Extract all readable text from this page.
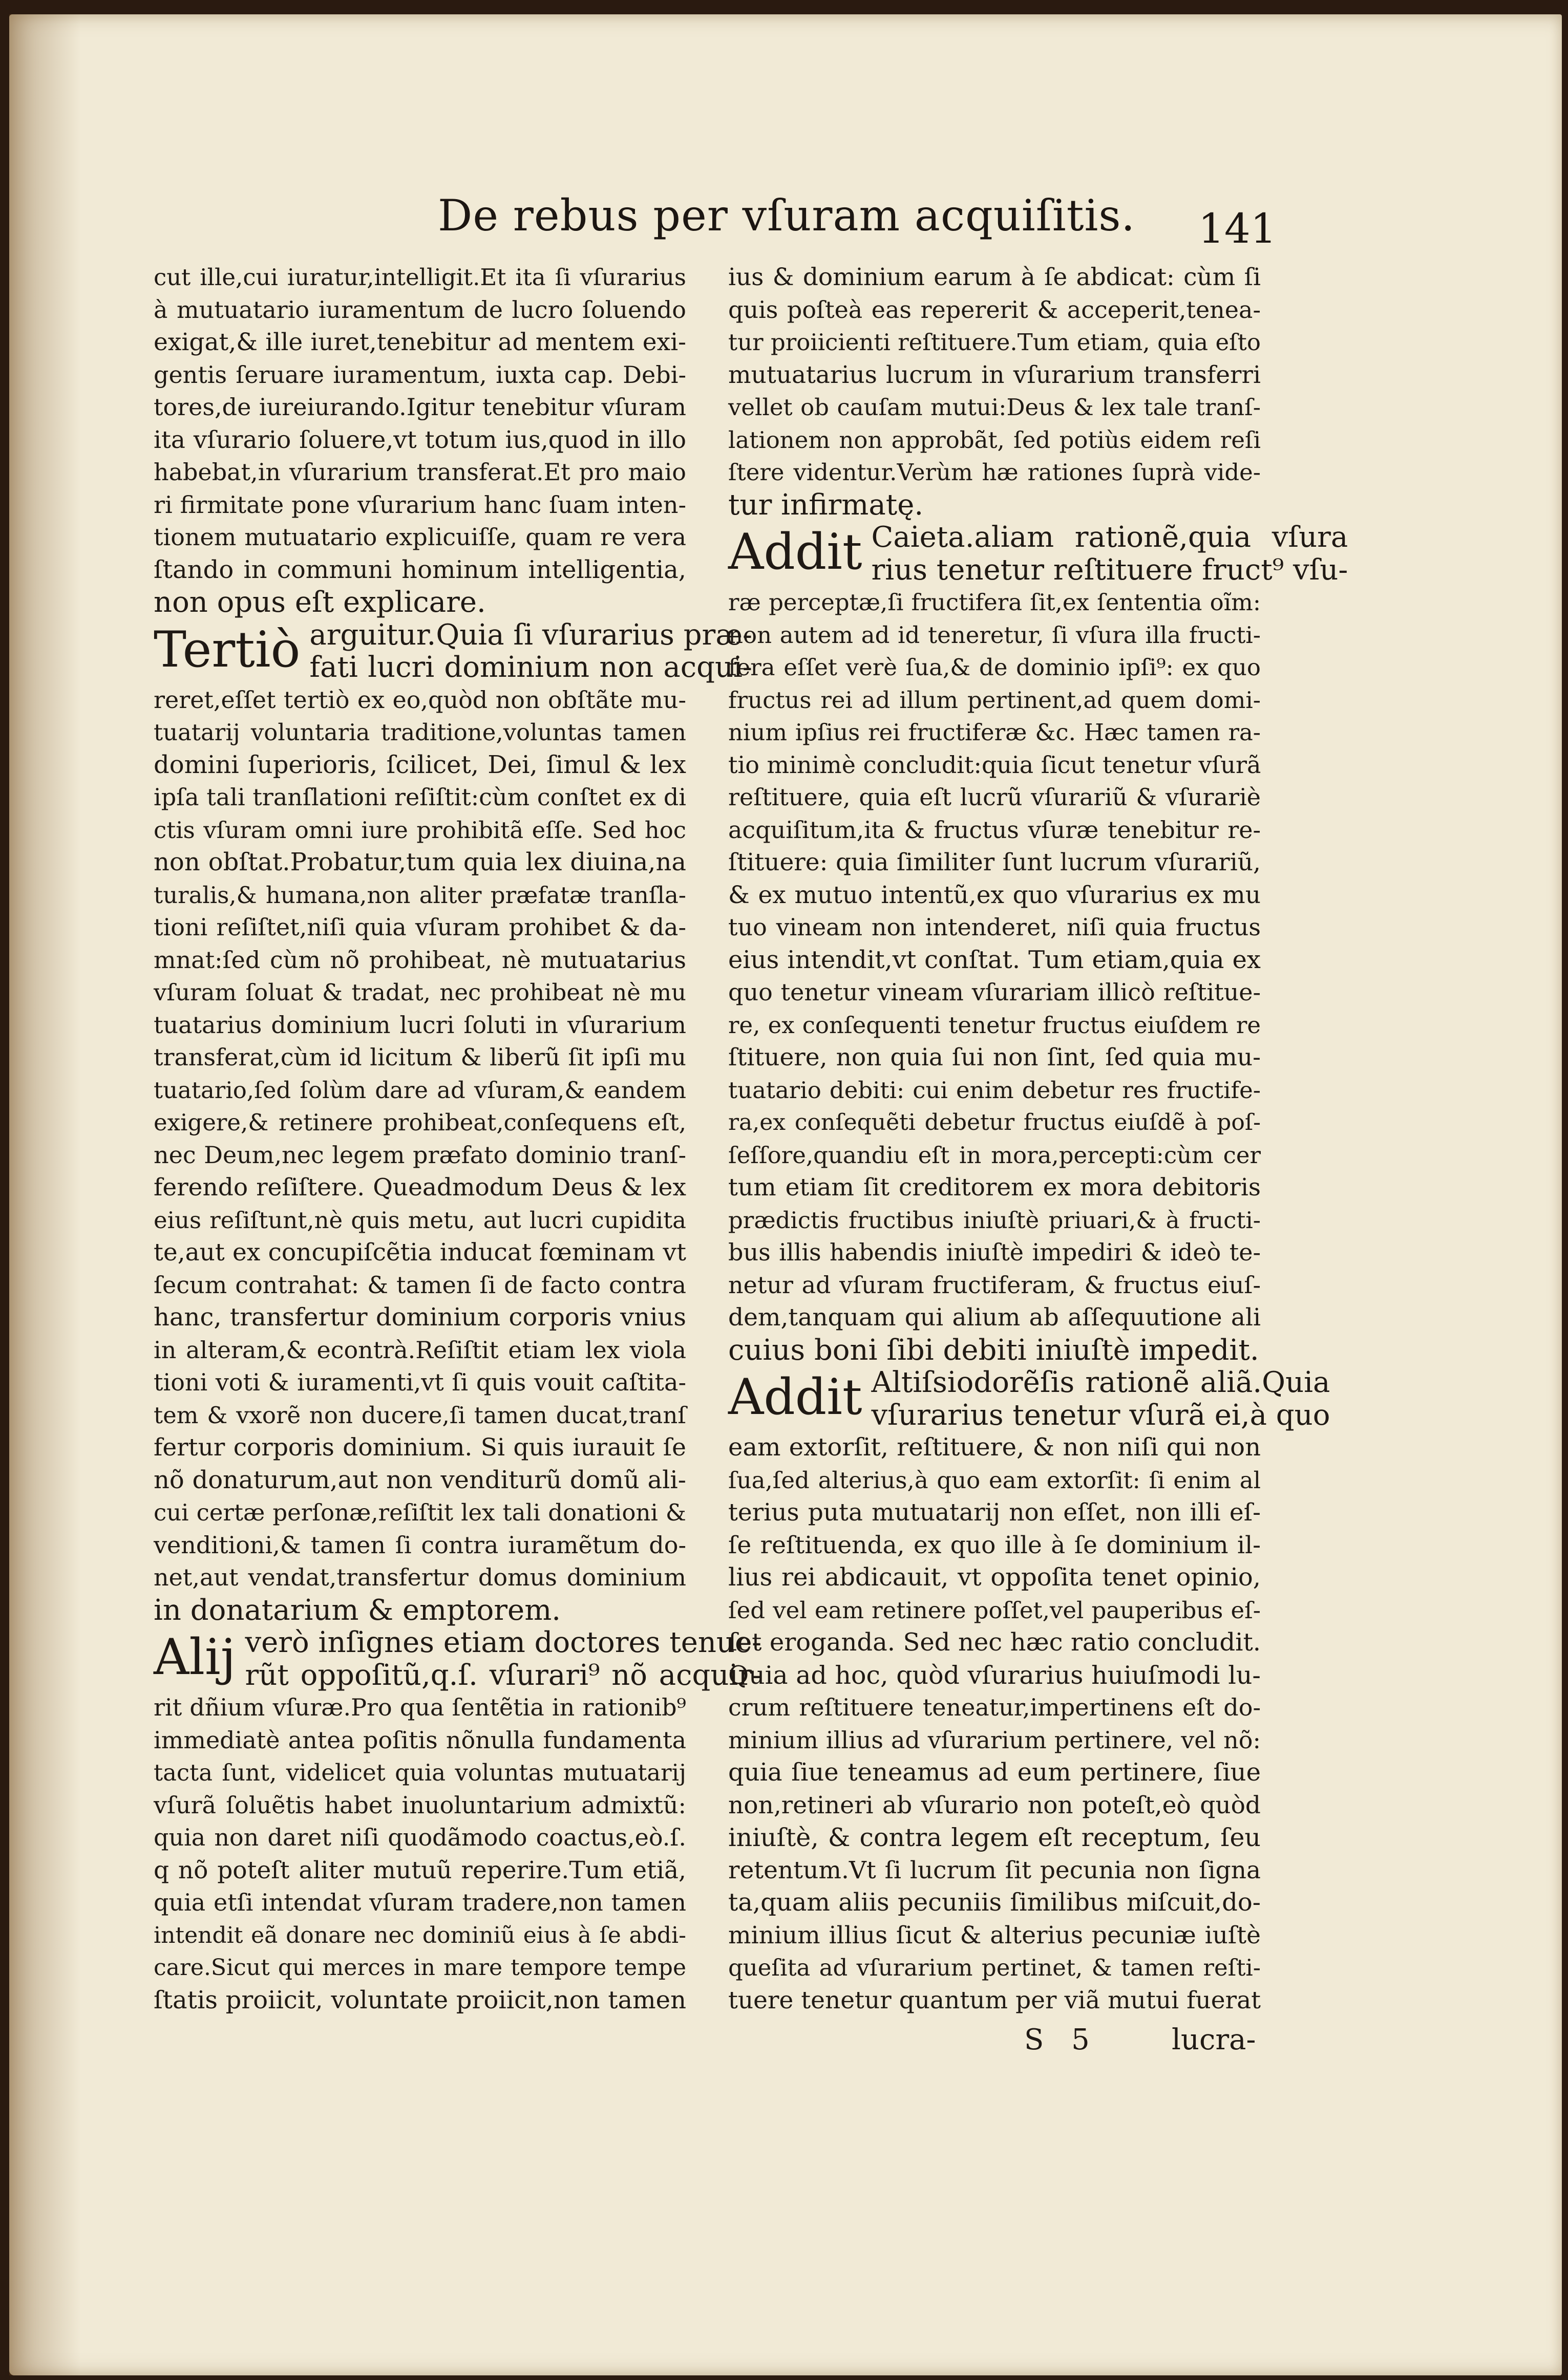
De rebus per vſuram acquiſitis. 141
cut ille,cui iuratur,intelligit.Et ita ſi vſurarius
à mutuatario iuramentum de lucro ſoluendo
exigat,& ille iuret,tenebitur ad mentem exi-
gentis ſeruare iuramentum, iuxta cap. Debi-
tores,de iureiurando.Igitur tenebitur vſuram
ita vſurario ſoluere,vt totum ius,quod in illo
habebat,in vſurarium transferat.Et pro maio
ri firmitate pone vſurarium hanc ſuam inten-
tionem mutuatario explicuiſſe, quam re vera
ſtando in communi hominum intelligentia,
non opus eſt explicare.
Tertiò arguitur.Quia ſi vſurarius præ-
fati lucri dominium non acqui-
reret,eſſet tertiò ex eo,quòd non obſtãte mu-
tuatarij voluntaria traditione,voluntas tamen
domini ſuperioris, ſcilicet, Dei, ſimul & lex
ipſa tali tranſlationi reſiſtit:cùm conſtet ex di
ctis vſuram omni iure prohibitã eſſe. Sed hoc
non obſtat.Probatur,tum quia lex diuina,na
turalis,& humana,non aliter præfatæ tranſla-
tioni reſiſtet,niſi quia vſuram prohibet & da-
mnat:ſed cùm nõ prohibeat, nè mutuatarius
vſuram ſoluat & tradat, nec prohibeat nè mu
tuatarius dominium lucri ſoluti in vſurarium
transferat,cùm id licitum & liberũ ſit ipſi mu
tuatario,ſed ſolùm dare ad vſuram,& eandem
exigere,& retinere prohibeat,conſequens eſt,
nec Deum,nec legem præfato dominio tranſ-
ferendo reſiſtere. Queadmodum Deus & lex
eius reſiſtunt,nè quis metu, aut lucri cupidita
te,aut ex concupiſcẽtia inducat fœminam vt
ſecum contrahat: & tamen ſi de facto contra
hanc, transfertur dominium corporis vnius
in alteram,& econtrà.Reſiſtit etiam lex viola
tioni voti & iuramenti,vt ſi quis vouit caſtita-
tem & vxorẽ non ducere,ſi tamen ducat,tranſ
fertur corporis dominium. Si quis iurauit ſe
nõ donaturum,aut non venditurũ domũ ali-
cui certæ perſonæ,reſiſtit lex tali donationi &
venditioni,& tamen ſi contra iuramẽtum do-
net,aut vendat,transfertur domus dominium
in donatarium & emptorem.
Alij verò inſignes etiam doctores tenue-
rũt oppoſitũ,q.ſ. vſurari⁹ nõ acquir-
rit dñium vſuræ.Pro qua ſentẽtia in rationib⁹
immediatè antea poſitis nõnulla fundamenta
tacta ſunt, videlicet quia voluntas mutuatarij
vſurã ſoluẽtis habet inuoluntarium admixtũ:
quia non daret niſi quodãmodo coactus,eò.ſ.
q nõ poteſt aliter mutuũ reperire.Tum etiã,
quia etſi intendat vſuram tradere,non tamen
intendit eã donare nec dominiũ eius à ſe abdi-
care.Sicut qui merces in mare tempore tempe
ſtatis proiicit, voluntate proiicit,non tamen
ius & dominium earum à ſe abdicat: cùm ſi
quis poſteà eas repererit & acceperit,tenea-
tur proiicienti reſtituere.Tum etiam, quia eſto
mutuatarius lucrum in vſurarium transferri
vellet ob cauſam mutui:Deus & lex tale tranſ-
lationem non approbãt, ſed potiùs eidem reſi
ſtere videntur.Verùm hæ rationes ſuprà vide-
tur infirmatę.
Addit Caieta.aliam rationẽ,quia vſura
rius tenetur reſtituere fruct⁹ vſu-
ræ perceptæ,ſi fructifera ſit,ex ſententia oĩm:
non autem ad id teneretur, ſi vſura illa fructi-
fera eſſet verè ſua,& de dominio ipſi⁹: ex quo
fructus rei ad illum pertinent,ad quem domi-
nium ipſius rei fructiferæ &c. Hæc tamen ra-
tio minimè concludit:quia ſicut tenetur vſurã
reſtituere, quia eſt lucrũ vſurariũ & vſurariè
acquiſitum,ita & fructus vſuræ tenebitur re-
ſtituere: quia ſimiliter ſunt lucrum vſurariũ,
& ex mutuo intentũ,ex quo vſurarius ex mu
tuo vineam non intenderet, niſi quia fructus
eius intendit,vt conſtat. Tum etiam,quia ex
quo tenetur vineam vſurariam illicò reſtitue-
re, ex conſequenti tenetur fructus eiuſdem re
ſtituere, non quia ſui non ſint, ſed quia mu-
tuatario debiti: cui enim debetur res fructife-
ra,ex conſequẽti debetur fructus eiuſdẽ à poſ-
ſeſſore,quandiu eſt in mora,percepti:cùm cer
tum etiam ſit creditorem ex mora debitoris
prædictis fructibus iniuſtè priuari,& à fructi-
bus illis habendis iniuſtè impediri & ideò te-
netur ad vſuram fructiferam, & fructus eiuſ-
dem,tanquam qui alium ab aſſequutione ali
cuius boni ſibi debiti iniuſtè impedit.
Addit Altiſsiodorẽſis rationẽ aliã.Quia
vſurarius tenetur vſurã ei,à quo
eam extorſit, reſtituere, & non niſi qui non
ſua,ſed alterius,à quo eam extorſit: ſi enim al
terius puta mutuatarij non eſſet, non illi eſ-
ſe reſtituenda, ex quo ille à ſe dominium il-
lius rei abdicauit, vt oppoſita tenet opinio,
ſed vel eam retinere poſſet,vel pauperibus eſ-
ſet eroganda. Sed nec hæc ratio concludit.
Quia ad hoc, quòd vſurarius huiuſmodi lu-
crum reſtituere teneatur,impertinens eſt do-
minium illius ad vſurarium pertinere, vel nõ:
quia ſiue teneamus ad eum pertinere, ſiue
non,retineri ab vſurario non poteſt,eò quòd
iniuſtè, & contra legem eſt receptum, ſeu
retentum.Vt ſi lucrum ſit pecunia non ſigna
ta,quam aliis pecuniis ſimilibus miſcuit,do-
minium illius ſicut & alterius pecuniæ iuſtè
queſita ad vſurarium pertinet, & tamen reſti-
tuere tenetur quantum per viã mutui fuerat
S 5	lucra-
